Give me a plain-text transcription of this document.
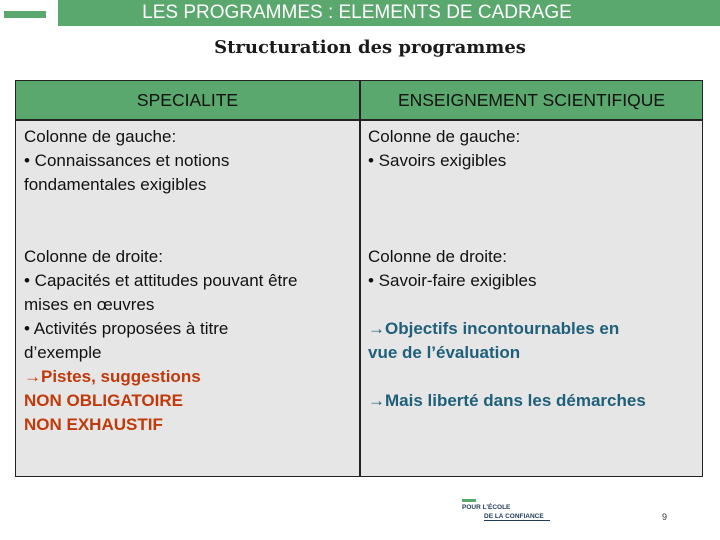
LES PROGRAMMES : ELEMENTS DE CADRAGE
Structuration des programmes
SPECIALITE	ENSEIGNEMENT SCIENTIFIQUE
Colonne de gauche:
• Connaissances et notions
fondamentales exigibles
Colonne de droite:
• Capacités et attitudes pouvant être
mises en œuvres
• Activités proposées à titre
d’exemple
→Pistes, suggestions
NON OBLIGATOIRE
NON EXHAUSTIF
Colonne de gauche:
• Savoirs exigibles
Colonne de droite:
• Savoir-faire exigibles
→Objectifs incontournables en
vue de l’évaluation
→Mais liberté dans les démarches
POUR L’ÉCOLE
DE LA CONFIANCE	9
